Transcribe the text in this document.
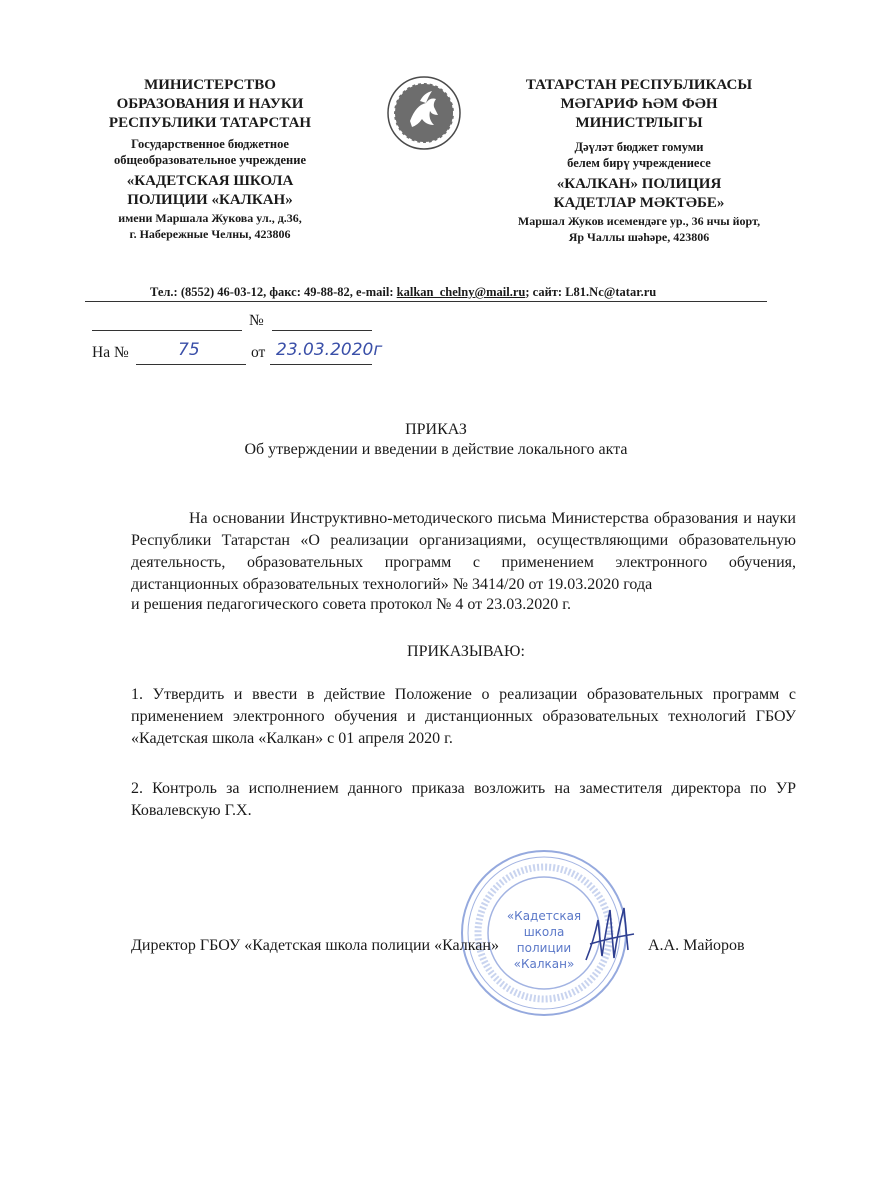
МИНИСТЕРСТВО
ОБРАЗОВАНИЯ И НАУКИ
РЕСПУБЛИКИ ТАТАРСТАН
Государственное бюджетное
общеобразовательное учреждение
«КАДЕТСКАЯ ШКОЛА
ПОЛИЦИИ «КАЛКАН»
имени Маршала Жукова ул., д.36,
г. Набережные Челны, 423806
ТАТАРСТАН РЕСПУБЛИКАСЫ
МӘГАРИФ ҺӘМ ФӘН
МИНИСТРЛЫГЫ
Дәүләт бюджет гомуми
белем бирү учреждениесе
«КАЛКАН» ПОЛИЦИЯ
КАДЕТЛАР МӘКТӘБЕ»
Маршал Жуков исемендәге ур., 36 нчы йорт,
Яр Чаллы шәһәре, 423806
Тел.: (8552) 46-03-12, факс: 49-88-82, e-mail: kalkan_chelny@mail.ru; сайт: L81.Nc@tatar.ru
№
На №	75	от 23.03.2020г
ПРИКАЗ
Об утверждении и введении в действие локального акта
На основании Инструктивно-методического письма Министерства образования и науки Республики Татарстан «О реализации организациями, осуществляющими образовательную деятельность, образовательных программ с применением электронного обучения, дистанционных образовательных технологий» № 3414/20 от 19.03.2020 года
и решения педагогического совета протокол № 4 от 23.03.2020 г.
ПРИКАЗЫВАЮ:
1. Утвердить и ввести в действие Положение о реализации образовательных программ с применением электронного обучения и дистанционных образовательных технологий ГБОУ «Кадетская школа «Калкан» с 01 апреля 2020 г.
2. Контроль за исполнением данного приказа возложить на заместителя директора по УР Ковалевскую Г.Х.
«Кадетская школа
полиции
«Калкан»
Директор ГБОУ «Кадетская школа полиции «Калкан»	А.А. Майоров
